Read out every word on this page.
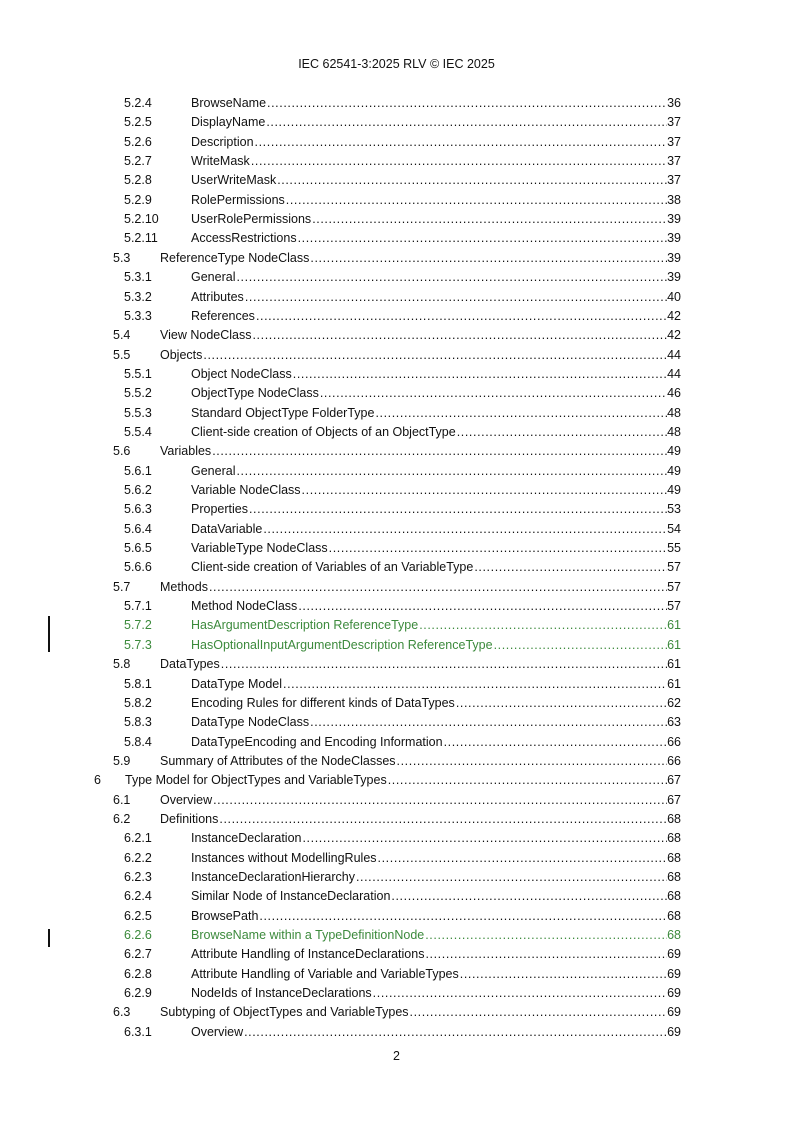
IEC 62541-3:2025 RLV © IEC 2025
5.2.4	BrowseName .....	36
5.2.5	DisplayName .....	37
5.2.6	Description .....	37
5.2.7	WriteMask .....	37
5.2.8	UserWriteMask .....	37
5.2.9	RolePermissions .....	38
5.2.10	UserRolePermissions .....	39
5.2.11	AccessRestrictions .....	39
5.3 ReferenceType NodeClass .....	39
5.3.1	General .....	39
5.3.2	Attributes .....	40
5.3.3	References .....	42
5.4 View NodeClass .....	42
5.5 Objects .....	44
5.5.1	Object NodeClass .....	44
5.5.2	ObjectType NodeClass .....	46
5.5.3	Standard ObjectType FolderType .....	48
5.5.4	Client-side creation of Objects of an ObjectType .....	48
5.6 Variables .....	49
5.6.1	General .....	49
5.6.2	Variable NodeClass .....	49
5.6.3	Properties .....	53
5.6.4	DataVariable .....	54
5.6.5	VariableType NodeClass .....	55
5.6.6	Client-side creation of Variables of an VariableType .....	57
5.7 Methods .....	57
5.7.1	Method NodeClass .....	57
5.7.2	HasArgumentDescription ReferenceType .....	61
5.7.3	HasOptionalInputArgumentDescription ReferenceType .....	61
5.8 DataTypes .....	61
5.8.1	DataType Model .....	61
5.8.2	Encoding Rules for different kinds of DataTypes .....	62
5.8.3	DataType NodeClass .....	63
5.8.4	DataTypeEncoding and Encoding Information .....	66
5.9 Summary of Attributes of the NodeClasses .....	66
6 Type Model for ObjectTypes and VariableTypes .....	67
6.1 Overview .....	67
6.2 Definitions .....	68
6.2.1	InstanceDeclaration .....	68
6.2.2	Instances without ModellingRules .....	68
6.2.3	InstanceDeclarationHierarchy .....	68
6.2.4	Similar Node of InstanceDeclaration .....	68
6.2.5	BrowsePath .....	68
6.2.6	BrowseName within a TypeDefinitionNode .....	68
6.2.7	Attribute Handling of InstanceDeclarations .....	69
6.2.8	Attribute Handling of Variable and VariableTypes .....	69
6.2.9	NodeIds of InstanceDeclarations .....	69
6.3 Subtyping of ObjectTypes and VariableTypes .....	69
6.3.1	Overview .....	69
2
